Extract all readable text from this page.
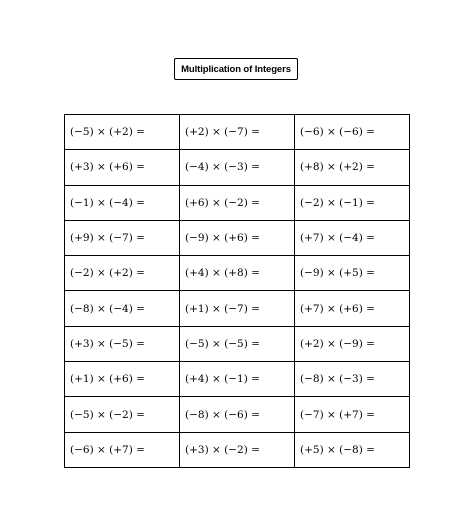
Multiplication of Integers
(−5) × (+2) =	(+2) × (−7) =	(−6) × (−6) =
(+3) × (+6) =	(−4) × (−3) =	(+8) × (+2) =
(−1) × (−4) =	(+6) × (−2) =	(−2) × (−1) =
(+9) × (−7) =	(−9) × (+6) =	(+7) × (−4) =
(−2) × (+2) =	(+4) × (+8) =	(−9) × (+5) =
(−8) × (−4) =	(+1) × (−7) =	(+7) × (+6) =
(+3) × (−5) =	(−5) × (−5) =	(+2) × (−9) =
(+1) × (+6) =	(+4) × (−1) =	(−8) × (−3) =
(−5) × (−2) =	(−8) × (−6) =	(−7) × (+7) =
(−6) × (+7) =	(+3) × (−2) =	(+5) × (−8) =
